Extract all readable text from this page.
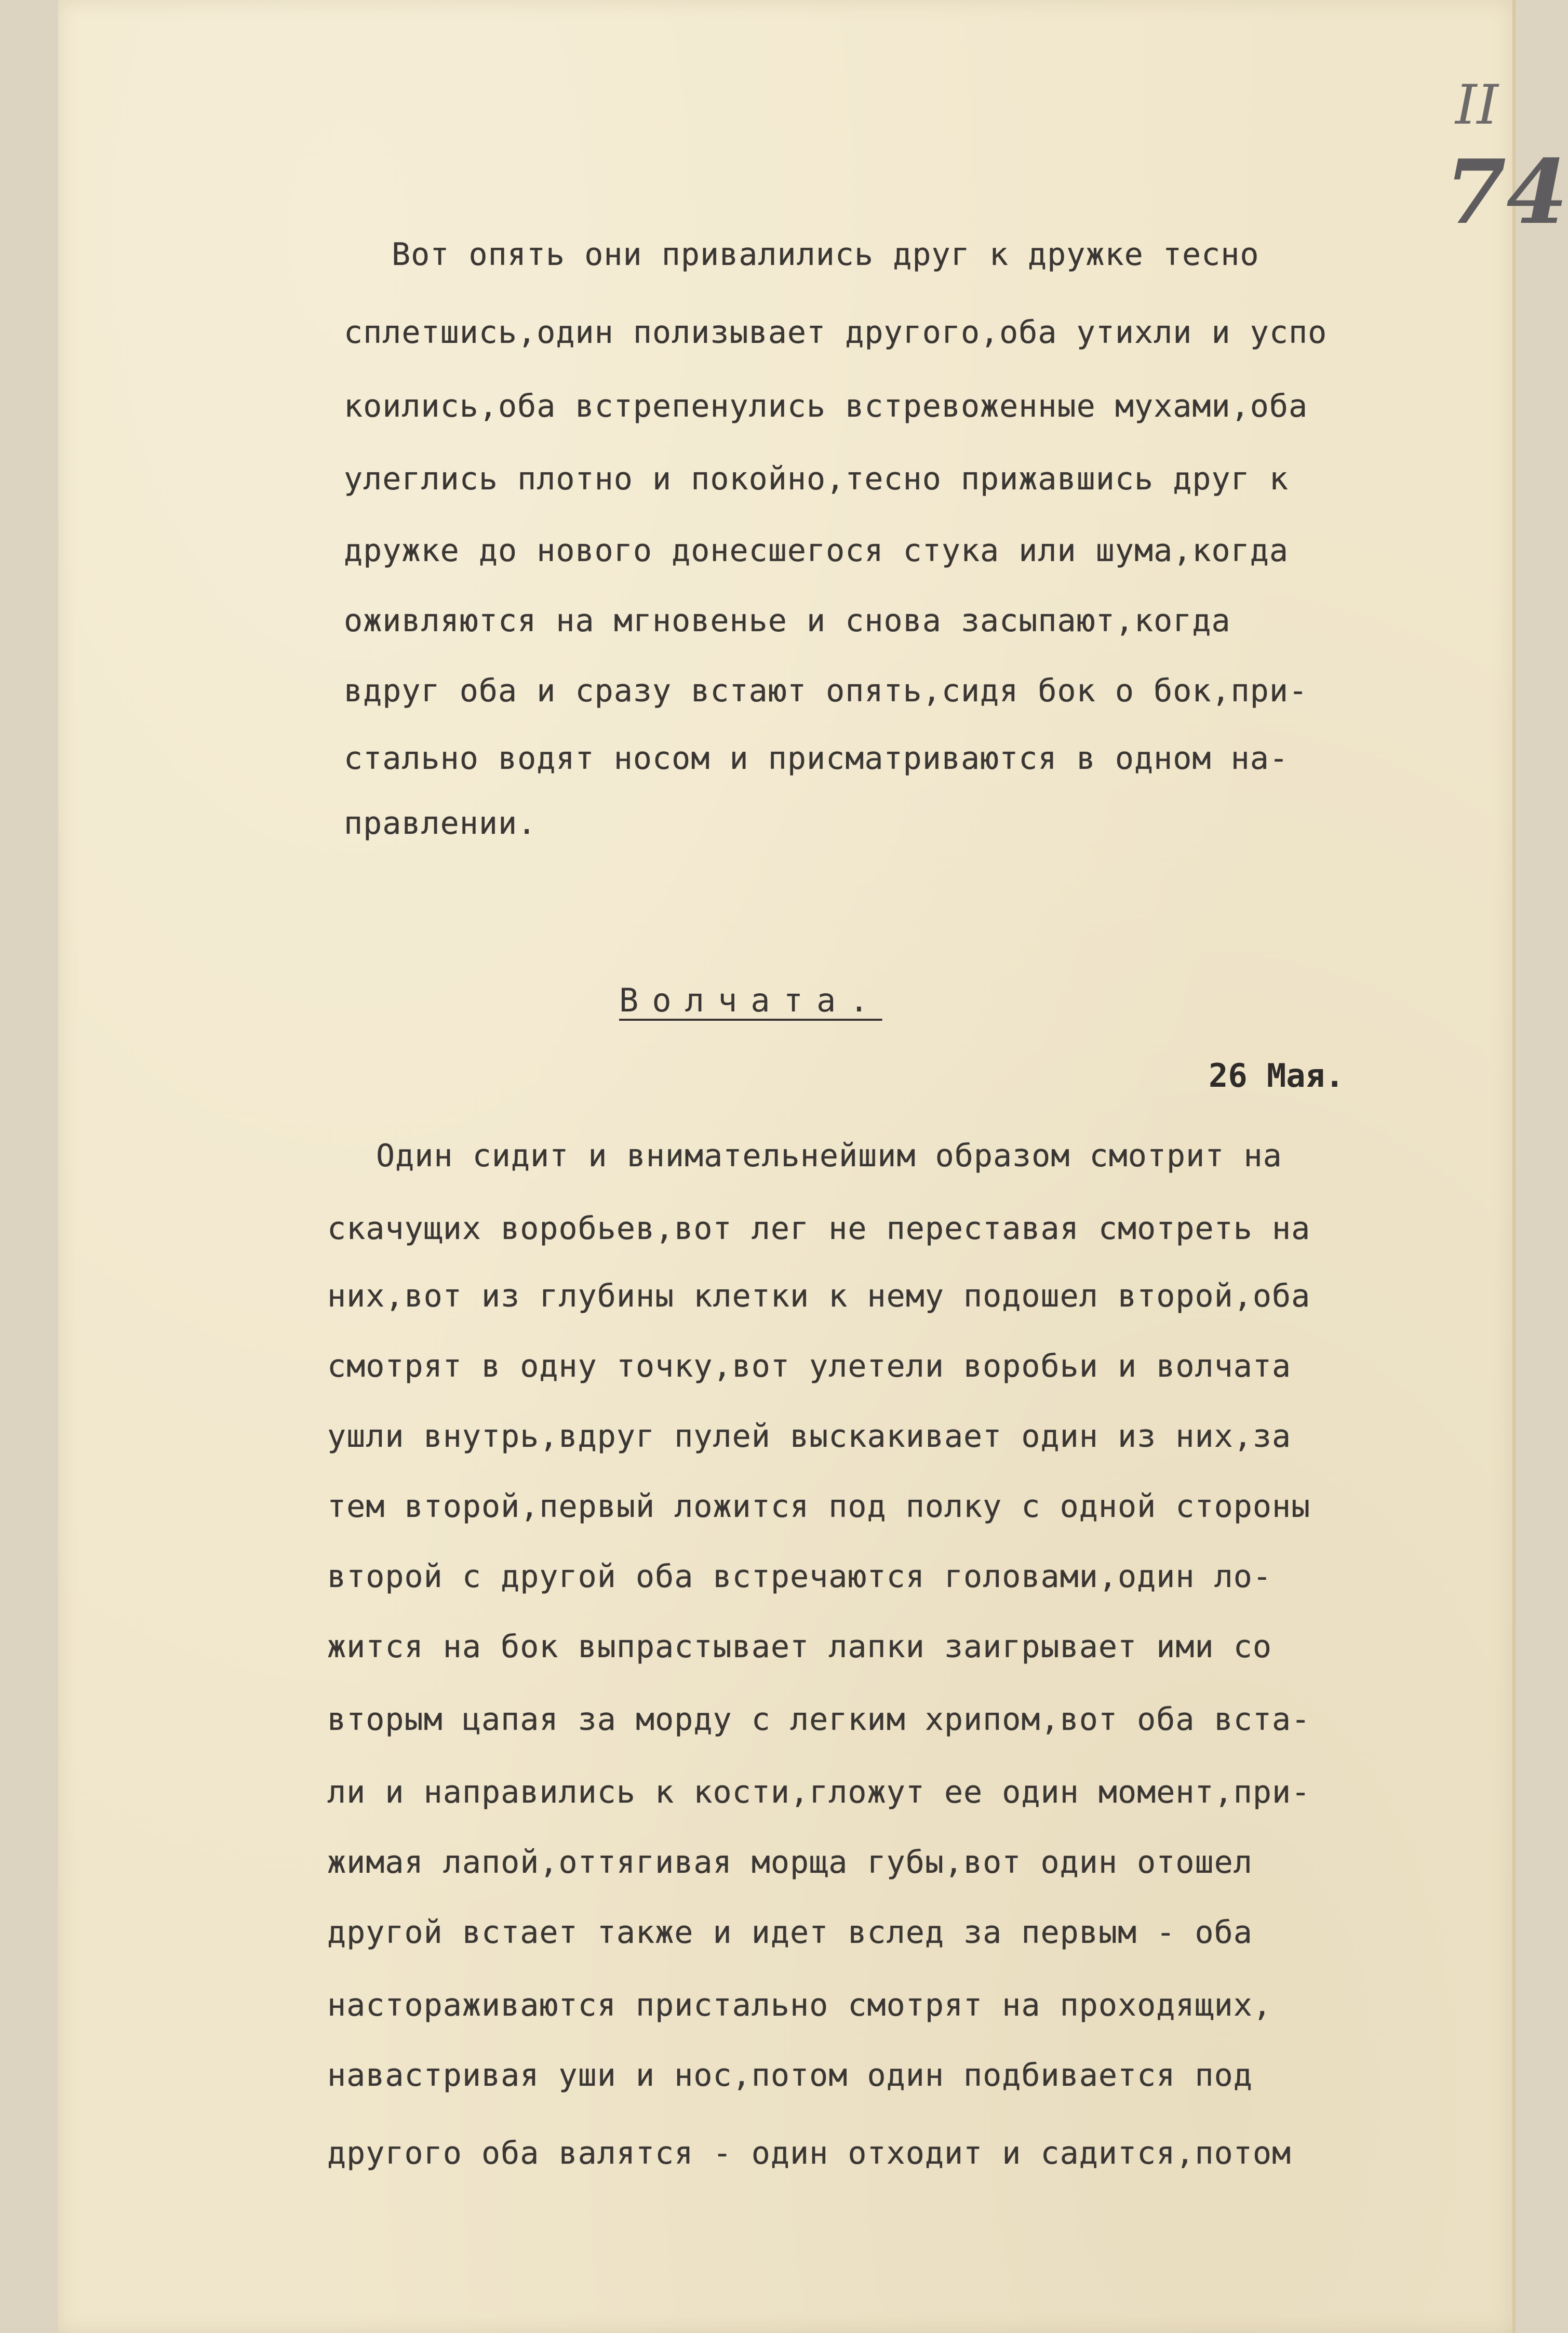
II
74
Вот опять они привалились друг к дружке тесно
сплетшись,один полизывает другого,оба утихли и успо
коились,оба встрепенулись встревоженные мухами,оба
улеглись плотно и покойно,тесно прижавшись друг к
дружке до нового донесшегося стука или шума,когда
оживляются на мгновенье и снова засыпают,когда
вдруг оба и сразу встают опять,сидя бок о бок,при-
стально водят носом и присматриваются в одном на-
правлении.
Волчата.
26 Мая.
Один сидит и внимательнейшим образом смотрит на
скачущих воробьев,вот лег не переставая смотреть на
них,вот из глубины клетки к нему подошел второй,оба
смотрят в одну точку,вот улетели воробьи и волчата
ушли внутрь,вдруг пулей выскакивает один из них,за
тем второй,первый ложится под полку с одной стороны
второй с другой оба встречаются головами,один ло-
жится на бок выпрастывает лапки заигрывает ими со
вторым цапая за морду с легким хрипом,вот оба вста-
ли и направились к кости,гложут ее один момент,при-
жимая лапой,оттягивая морща губы,вот один отошел
другой встает также и идет вслед за первым - оба
настораживаются пристально смотрят на проходящих,
навастривая уши и нос,потом один подбивается под
другого оба валятся - один отходит и садится,потом
